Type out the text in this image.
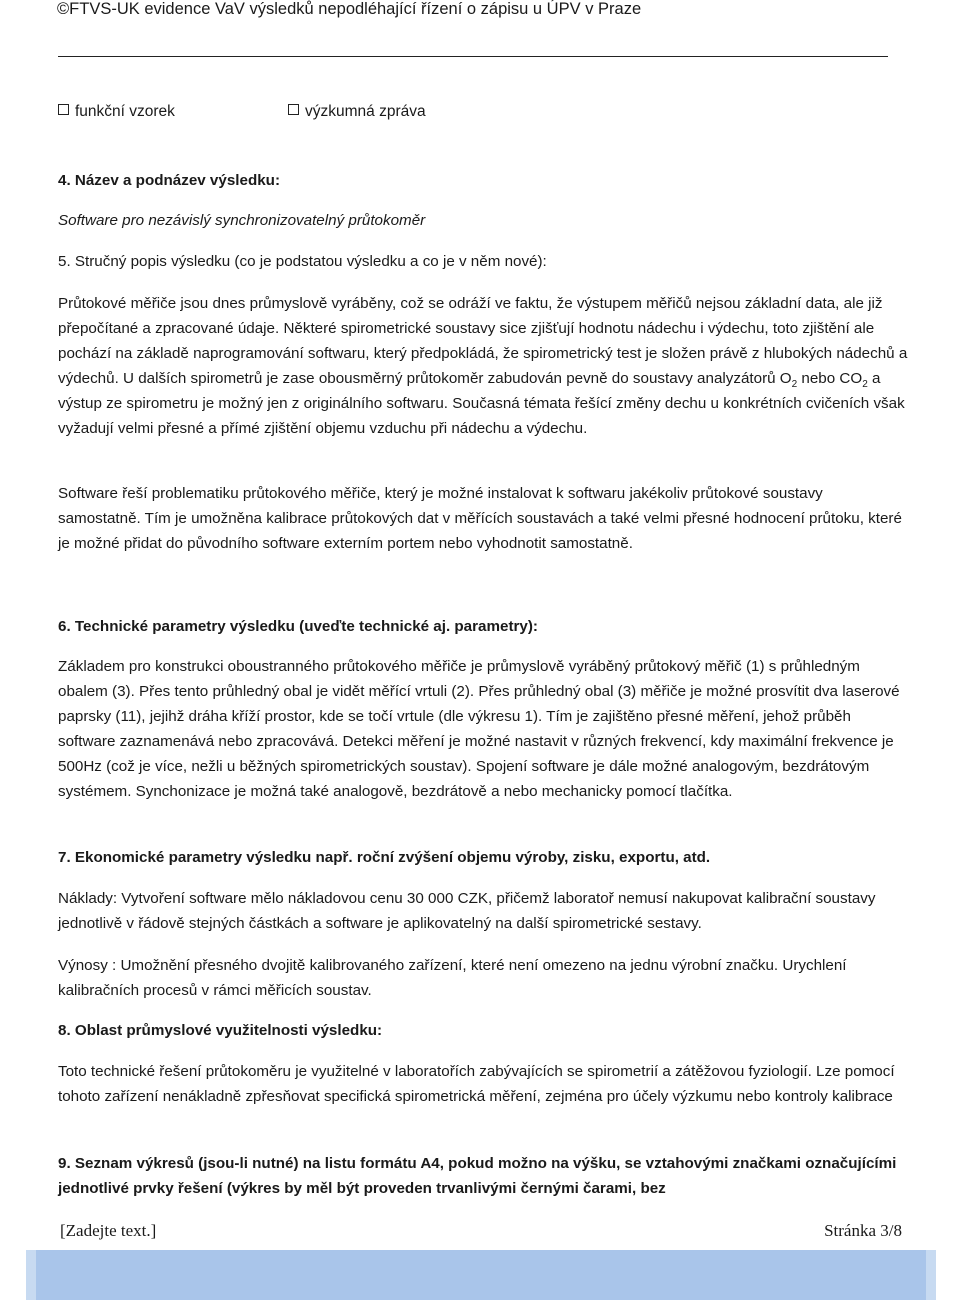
©FTVS-UK evidence VaV výsledků nepodléhající řízení o zápisu u ÚPV v Praze
funkční vzorek	výzkumná zpráva
4. Název a podnázev výsledku:
Software pro nezávislý synchronizovatelný průtokoměr
5. Stručný popis výsledku (co je podstatou výsledku a co je v něm nové):
Průtokové měřiče jsou dnes průmyslově vyráběny, což se odráží ve faktu, že výstupem měřičů nejsou základní data, ale již přepočítané a zpracované údaje. Některé spirometrické soustavy sice zjišťují hodnotu nádechu i výdechu, toto zjištění ale pochází na základě naprogramování softwaru, který předpokládá, že spirometrický test je složen právě z hlubokých nádechů a výdechů. U dalších spirometrů je zase obousměrný průtokoměr zabudován pevně do soustavy analyzátorů $O_2$ nebo $CO_2$ a výstup ze spirometru je možný jen z originálního softwaru. Současná témata řešící změny dechu u konkrétních cvičeních však vyžadují velmi přesné a přímé zjištění objemu vzduchu při nádechu a výdechu.
Software řeší problematiku průtokového měřiče, který je možné instalovat k softwaru jakékoliv průtokové soustavy samostatně. Tím je umožněna kalibrace průtokových dat v měřících soustavách a také velmi přesné hodnocení průtoku, které je možné přidat do původního software externím portem nebo vyhodnotit samostatně.
6. Technické parametry výsledku (uveďte technické aj. parametry):
Základem pro konstrukci oboustranného průtokového měřiče je průmyslově vyráběný průtokový měřič (1) s průhledným obalem (3). Přes tento průhledný obal je vidět měřící vrtuli (2). Přes průhledný obal (3) měřiče je možné prosvítit dva laserové paprsky (11), jejihž dráha kříží prostor, kde se točí vrtule (dle výkresu 1). Tím je zajištěno přesné měření, jehož průběh software zaznamenává nebo zpracovává. Detekci měření je možné nastavit v různých frekvencí, kdy maximální frekvence je 500Hz (což je více, nežli u běžných spirometrických soustav). Spojení software je dále možné analogovým, bezdrátovým systémem. Synchonizace je možná také analogově, bezdrátově a nebo mechanicky pomocí tlačítka.
7. Ekonomické parametry výsledku např. roční zvýšení objemu výroby, zisku, exportu, atd.
Náklady: Vytvoření software mělo nákladovou cenu 30 000 CZK, přičemž laboratoř nemusí nakupovat kalibrační soustavy jednotlivě v řádově stejných částkách a software je aplikovatelný na další spirometrické sestavy.
Výnosy : Umožnění přesného dvojitě kalibrovaného zařízení, které není omezeno na jednu výrobní značku. Urychlení kalibračních procesů v rámci měřicích soustav.
8. Oblast průmyslové využitelnosti výsledku:
Toto technické řešení průtokoměru je využitelné v laboratořích zabývajících se spirometrií a zátěžovou fyziologií. Lze pomocí tohoto zařízení nenákladně zpřesňovat specifická spirometrická měření, zejména pro účely výzkumu nebo kontroly kalibrace
9. Seznam výkresů (jsou-li nutné) na listu formátu A4, pokud možno na výšku, se vztahovými značkami označujícími jednotlivé prvky řešení (výkres by měl být proveden trvanlivými černými čarami, bez
[Zadejte text.]	Stránka 3/8
